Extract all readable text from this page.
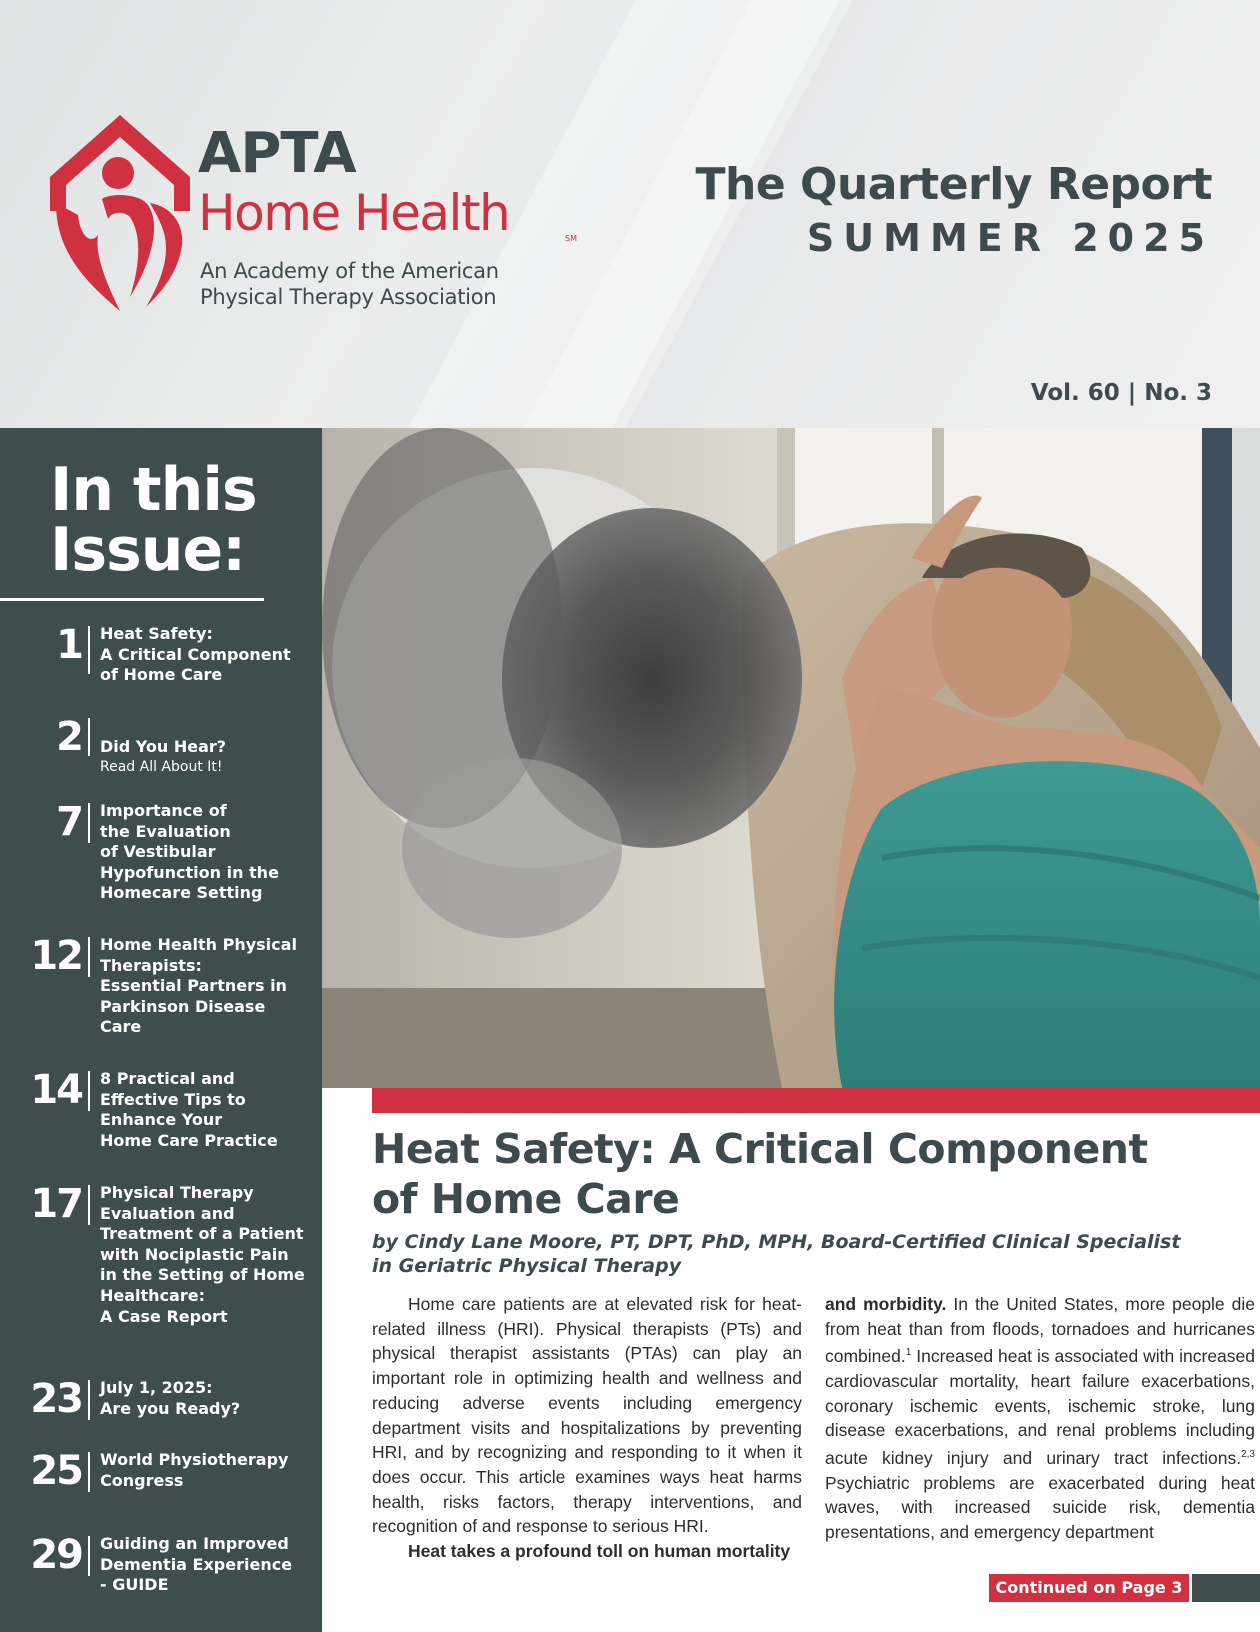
APTA
Home Health	SM
An Academy of the American
Physical Therapy Association
The Quarterly Report
SUMMER 2025
Vol. 60 | No. 3
In this
Issue:
1 Heat Safety:
A Critical Component
of Home Care
2 Did You Hear?

Read All About It!

7 Importance of
the Evaluation
of Vestibular
Hypofunction in the
Homecare Setting
12 Home Health Physical
Therapists:
Essential Partners in
Parkinson Disease
Care
14 8 Practical and
Effective Tips to
Enhance Your
Home Care Practice
17 Physical Therapy
Evaluation and
Treatment of a Patient
with Nociplastic Pain
in the Setting of Home
Healthcare:
A Case Report
23 July 1, 2025:
Are you Ready?
25 World Physiotherapy
Congress
29 Guiding an Improved
Dementia Experience
- GUIDE
Heat Safety: A Critical Component
of Home Care
by Cindy Lane Moore, PT, DPT, PhD, MPH, Board-Certified Clinical Specialist
in Geriatric Physical Therapy

Home care patients are at elevated risk for heat-related illness (HRI). Physical therapists (PTs) and physical therapist assistants (PTAs) can play an important role in optimizing health and wellness and reducing adverse events including emergency department visits and hospitalizations by preventing HRI, and by recognizing and responding to it when it does occur. This article examines ways heat harms health, risks factors, therapy interventions, and recognition of and response to serious HRI.

Heat takes a profound toll on human mortality

and morbidity. In the United States, more people die from heat than from floods, tornadoes and hurricanes combined.$^1$ Increased heat is associated with increased cardiovascular mortality, heart failure exacerbations, coronary ischemic events, ischemic stroke, lung disease exacerbations, and renal problems including acute kidney injury and urinary tract infections.$^{2,3}$ Psychiatric problems are exacerbated during heat waves, with increased suicide risk, dementia presentations, and emergency department

Continued on Page 3
